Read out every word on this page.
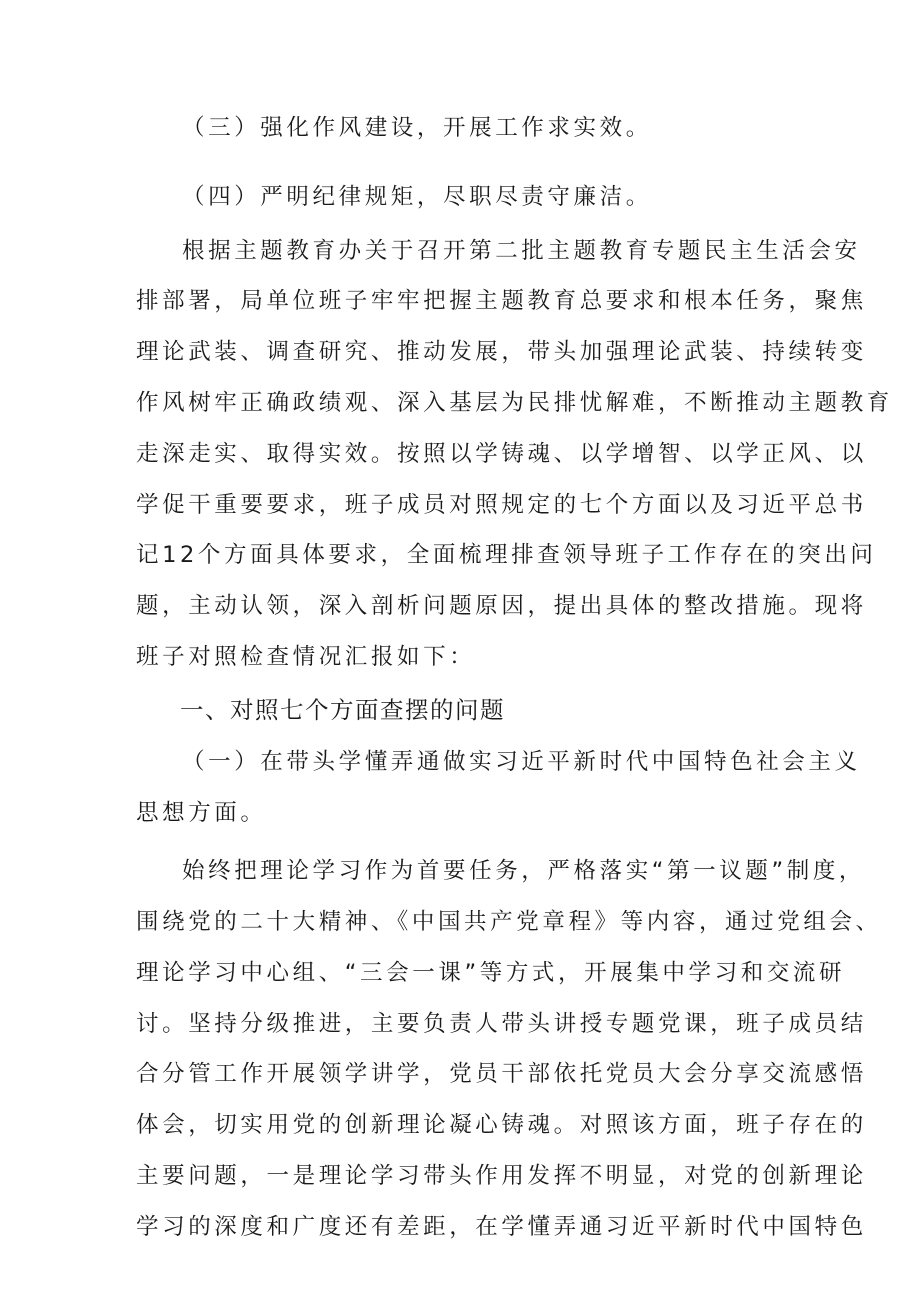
（三）强化作风建设，开展工作求实效。
（四）严明纪律规矩，尽职尽责守廉洁。
根据主题教育办关于召开第二批主题教育专题民主生活会安
排部署，局单位班子牢牢把握主题教育总要求和根本任务，聚焦
理论武装、调查研究、推动发展，带头加强理论武装、持续转变
作风树牢正确政绩观、深入基层为民排忧解难，不断推动主题教育
走深走实、取得实效。按照以学铸魂、以学增智、以学正风、以
学促干重要要求，班子成员对照规定的七个方面以及习近平总书
记12个方面具体要求，全面梳理排查领导班子工作存在的突出问
题，主动认领，深入剖析问题原因，提出具体的整改措施。现将
班子对照检查情况汇报如下：
一、对照七个方面查摆的问题
（一）在带头学懂弄通做实习近平新时代中国特色社会主义
思想方面。
始终把理论学习作为首要任务，严格落实“第一议题”制度，
围绕党的二十大精神、《中国共产党章程》等内容，通过党组会、
理论学习中心组、“三会一课”等方式，开展集中学习和交流研
讨。坚持分级推进，主要负责人带头讲授专题党课，班子成员结
合分管工作开展领学讲学，党员干部依托党员大会分享交流感悟
体会，切实用党的创新理论凝心铸魂。对照该方面，班子存在的
主要问题，一是理论学习带头作用发挥不明显，对党的创新理论
学习的深度和广度还有差距，在学懂弄通习近平新时代中国特色
